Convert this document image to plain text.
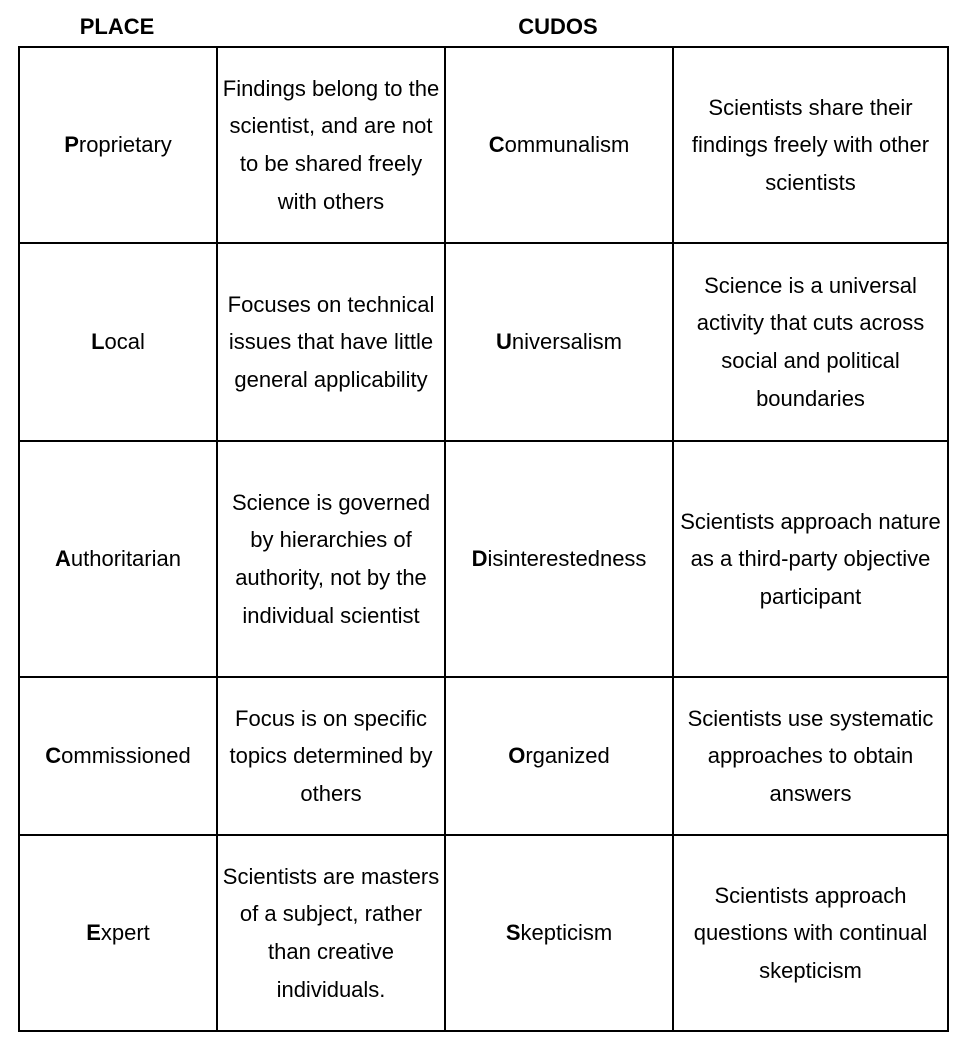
PLACE	CUDOS
Proprietary	Findings belong to the scientist, and are not to be shared freely with others	Communalism	Scientists share their findings freely with other scientists
Local	Focuses on technical issues that have little general applicability	Universalism	Science is a universal activity that cuts across social and political boundaries
Authoritarian	Science is governed by hierarchies of authority, not by the individual scientist	Disinterestedness	Scientists approach nature as a third-party objective participant
Commissioned	Focus is on specific topics determined by others	Organized	Scientists use systematic approaches to obtain answers
Expert	Scientists are masters of a subject, rather than creative individuals.	Skepticism	Scientists approach questions with continual skepticism
